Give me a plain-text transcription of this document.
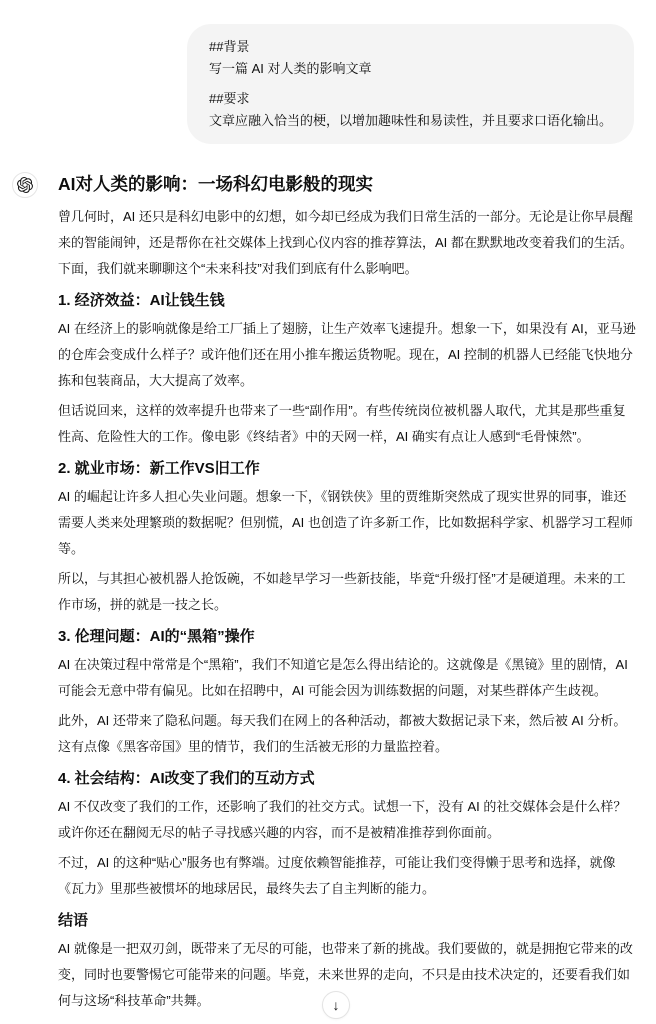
##背景
写一篇 AI 对人类的影响文章
##要求
文章应融入恰当的梗，以增加趣味性和易读性，并且要求口语化输出。
AI对人类的影响：一场科幻电影般的现实

曾几何时，AI 还只是科幻电影中的幻想，如今却已经成为我们日常生活的一部分。无论是让你早晨醒来的智能闹钟，还是帮你在社交媒体上找到心仪内容的推荐算法，AI 都在默默地改变着我们的生活。下面，我们就来聊聊这个“未来科技”对我们到底有什么影响吧。

1. 经济效益：AI让钱生钱

AI 在经济上的影响就像是给工厂插上了翅膀，让生产效率飞速提升。想象一下，如果没有 AI，亚马逊的仓库会变成什么样子？或许他们还在用小推车搬运货物呢。现在，AI 控制的机器人已经能飞快地分拣和包装商品，大大提高了效率。

但话说回来，这样的效率提升也带来了一些“副作用”。有些传统岗位被机器人取代，尤其是那些重复性高、危险性大的工作。像电影《终结者》中的天网一样，AI 确实有点让人感到“毛骨悚然”。

2. 就业市场：新工作VS旧工作

AI 的崛起让许多人担心失业问题。想象一下，《钢铁侠》里的贾维斯突然成了现实世界的同事，谁还需要人类来处理繁琐的数据呢？但别慌，AI 也创造了许多新工作，比如数据科学家、机器学习工程师等。

所以，与其担心被机器人抢饭碗，不如趁早学习一些新技能，毕竟“升级打怪”才是硬道理。未来的工作市场，拼的就是一技之长。

3. 伦理问题：AI的“黑箱”操作

AI 在决策过程中常常是个“黑箱”，我们不知道它是怎么得出结论的。这就像是《黑镜》里的剧情，AI 可能会无意中带有偏见。比如在招聘中，AI 可能会因为训练数据的问题，对某些群体产生歧视。

此外，AI 还带来了隐私问题。每天我们在网上的各种活动，都被大数据记录下来，然后被 AI 分析。这有点像《黑客帝国》里的情节，我们的生活被无形的力量监控着。

4. 社会结构：AI改变了我们的互动方式

AI 不仅改变了我们的工作，还影响了我们的社交方式。试想一下，没有 AI 的社交媒体会是什么样？或许你还在翻阅无尽的帖子寻找感兴趣的内容，而不是被精准推荐到你面前。

不过，AI 的这种“贴心”服务也有弊端。过度依赖智能推荐，可能让我们变得懒于思考和选择，就像《瓦力》里那些被惯坏的地球居民，最终失去了自主判断的能力。

结语

AI 就像是一把双刃剑，既带来了无尽的可能，也带来了新的挑战。我们要做的，就是拥抱它带来的改变，同时也要警惕它可能带来的问题。毕竟，未来世界的走向，不只是由技术决定的，还要看我们如何与这场“科技革命”共舞。	↓
